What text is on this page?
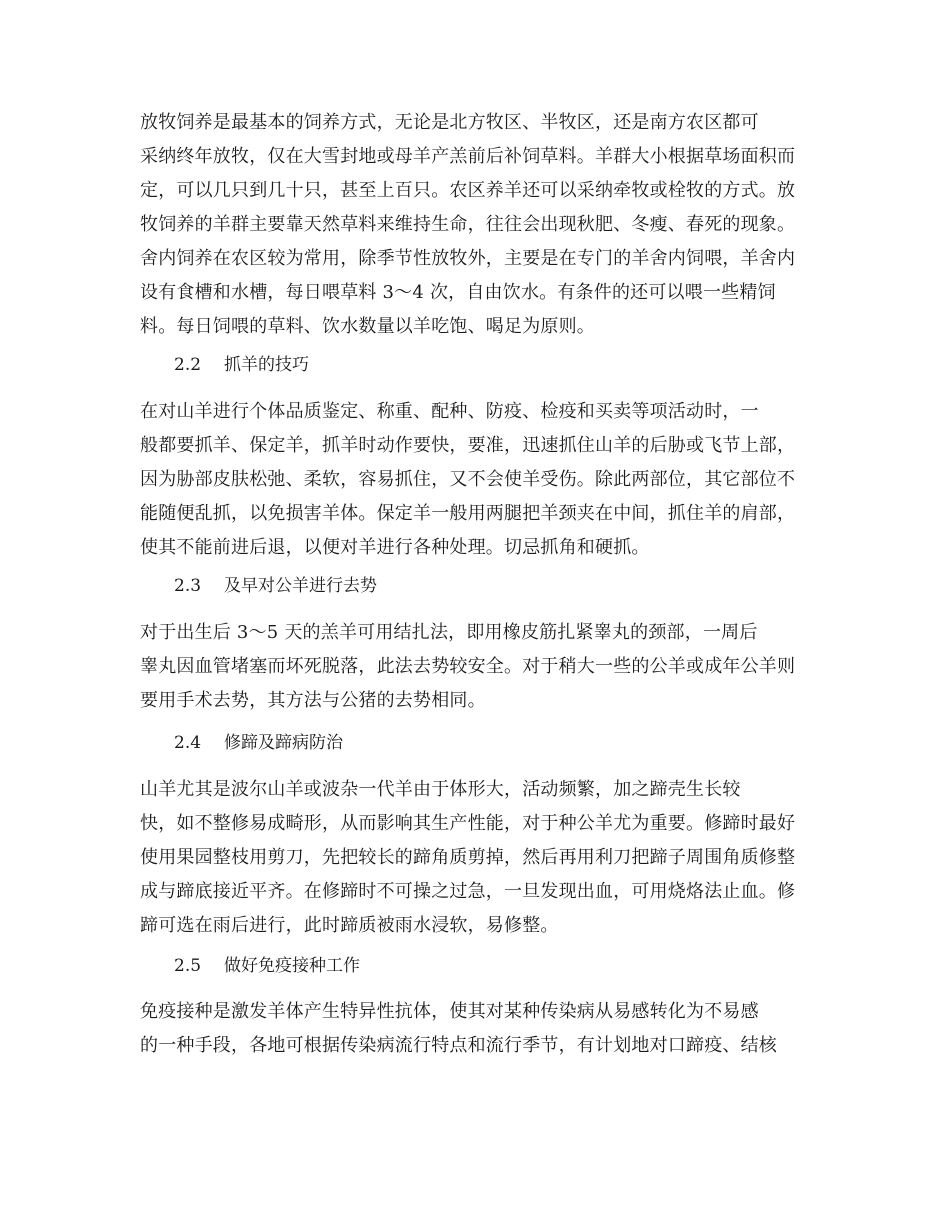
放牧饲养是最基本的饲养方式，无论是北方牧区、半牧区，还是南方农区都可
采纳终年放牧，仅在大雪封地或母羊产羔前后补饲草料。羊群大小根据草场面积而
定，可以几只到几十只，甚至上百只。农区养羊还可以采纳牵牧或栓牧的方式。放
牧饲养的羊群主要靠天然草料来维持生命，往往会出现秋肥、冬瘦、春死的现象。
舍内饲养在农区较为常用，除季节性放牧外，主要是在专门的羊舍内饲喂，羊舍内
设有食槽和水槽，每日喂草料 3～4 次，自由饮水。有条件的还可以喂一些精饲
料。每日饲喂的草料、饮水数量以羊吃饱、喝足为原则。
2.2 抓羊的技巧
在对山羊进行个体品质鉴定、称重、配种、防疫、检疫和买卖等项活动时，一
般都要抓羊、保定羊，抓羊时动作要快，要准，迅速抓住山羊的后胁或飞节上部，
因为胁部皮肤松弛、柔软，容易抓住，又不会使羊受伤。除此两部位，其它部位不
能随便乱抓，以免损害羊体。保定羊一般用两腿把羊颈夹在中间，抓住羊的肩部，
使其不能前进后退，以便对羊进行各种处理。切忌抓角和硬抓。
2.3 及早对公羊进行去势
对于出生后 3～5 天的羔羊可用结扎法，即用橡皮筋扎紧睾丸的颈部，一周后
睾丸因血管堵塞而坏死脱落，此法去势较安全。对于稍大一些的公羊或成年公羊则
要用手术去势，其方法与公猪的去势相同。
2.4 修蹄及蹄病防治
山羊尤其是波尔山羊或波杂一代羊由于体形大，活动频繁，加之蹄壳生长较
快，如不整修易成畸形，从而影响其生产性能，对于种公羊尤为重要。修蹄时最好
使用果园整枝用剪刀，先把较长的蹄角质剪掉，然后再用利刀把蹄子周围角质修整
成与蹄底接近平齐。在修蹄时不可操之过急，一旦发现出血，可用烧烙法止血。修
蹄可选在雨后进行，此时蹄质被雨水浸软，易修整。
2.5 做好免疫接种工作
免疫接种是激发羊体产生特异性抗体，使其对某种传染病从易感转化为不易感
的一种手段，各地可根据传染病流行特点和流行季节，有计划地对口蹄疫、结核
